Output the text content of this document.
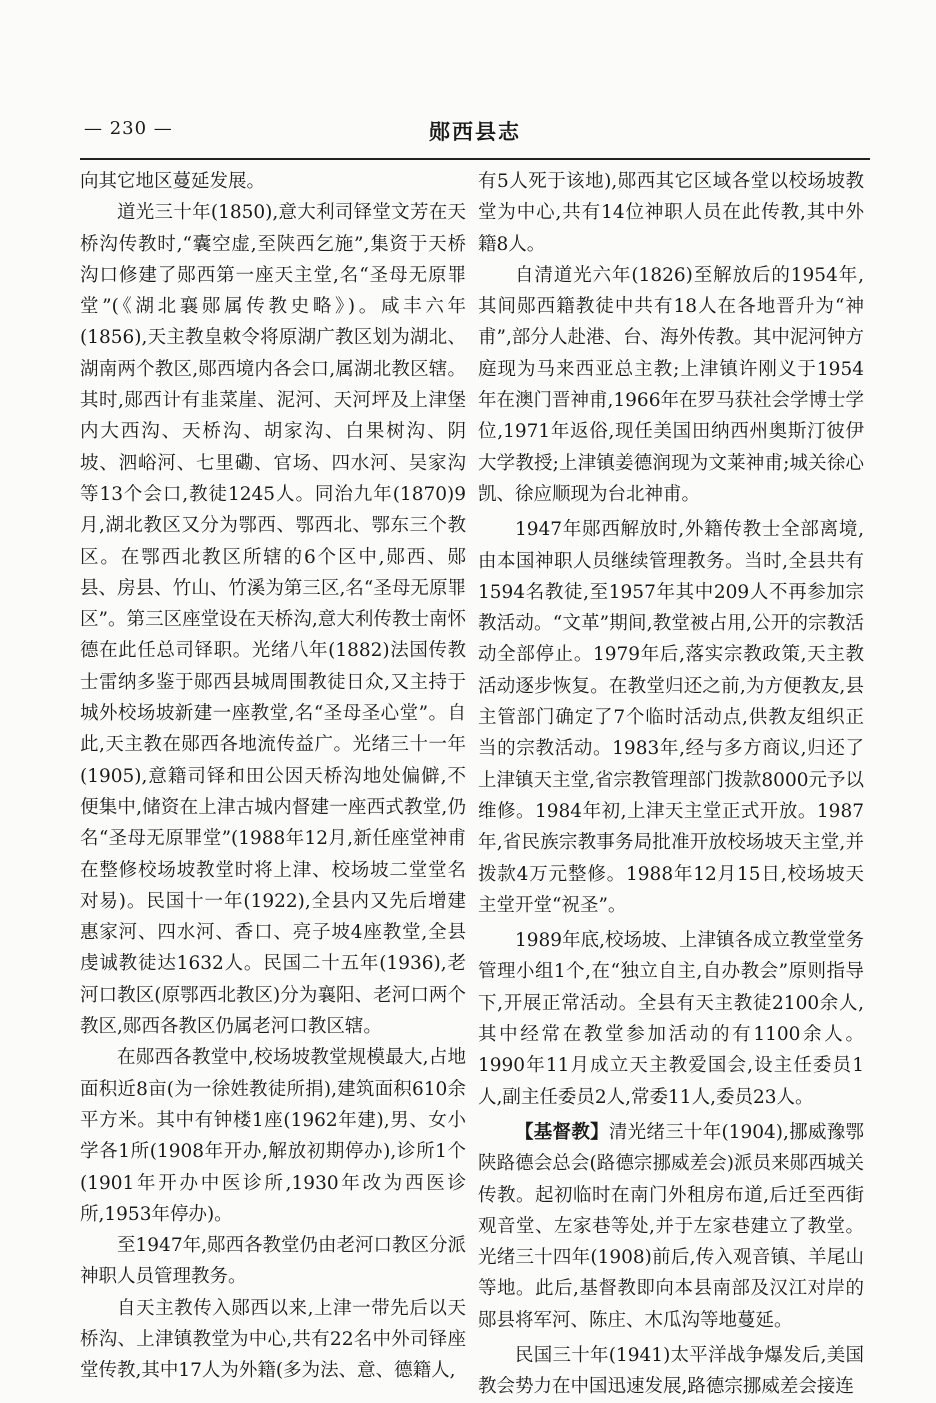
— 230 —	郧西县志

向其它地区蔓延发展。

道光三十年(1850),意大利司铎堂文芳在天桥沟传教时,“囊空虚,至陕西乞施”,集资于天桥沟口修建了郧西第一座天主堂,名“圣母无原罪堂”(《湖北襄郧属传教史略》)。咸丰六年(1856),天主教皇敕令将原湖广教区划为湖北、湖南两个教区,郧西境内各会口,属湖北教区辖。其时,郧西计有韭菜崖、泥河、天河坪及上津堡内大西沟、天桥沟、胡家沟、白果树沟、阴坡、泗峪河、七里磡、官场、四水河、吴家沟等13个会口,教徒1245人。同治九年(1870)9月,湖北教区又分为鄂西、鄂西北、鄂东三个教区。在鄂西北教区所辖的6个区中,郧西、郧县、房县、竹山、竹溪为第三区,名“圣母无原罪区”。第三区座堂设在天桥沟,意大利传教士南怀德在此任总司铎职。光绪八年(1882)法国传教士雷纳多鉴于郧西县城周围教徒日众,又主持于城外校场坡新建一座教堂,名“圣母圣心堂”。自此,天主教在郧西各地流传益广。光绪三十一年(1905),意籍司铎和田公因天桥沟地处偏僻,不便集中,储资在上津古城内督建一座西式教堂,仍名“圣母无原罪堂”(1988年12月,新任座堂神甫在整修校场坡教堂时将上津、校场坡二堂堂名对易)。民国十一年(1922),全县内又先后增建惠家河、四水河、香口、亮子坡4座教堂,全县虔诚教徒达1632人。民国二十五年(1936),老河口教区(原鄂西北教区)分为襄阳、老河口两个教区,郧西各教区仍属老河口教区辖。

在郧西各教堂中,校场坡教堂规模最大,占地面积近8亩(为一徐姓教徒所捐),建筑面积610余平方米。其中有钟楼1座(1962年建),男、女小学各1所(1908年开办,解放初期停办),诊所1个(1901年开办中医诊所,1930年改为西医诊所,1953年停办)。

至1947年,郧西各教堂仍由老河口教区分派神职人员管理教务。

自天主教传入郧西以来,上津一带先后以天桥沟、上津镇教堂为中心,共有22名中外司铎座堂传教,其中17人为外籍(多为法、意、德籍人,

有5人死于该地),郧西其它区域各堂以校场坡教堂为中心,共有14位神职人员在此传教,其中外籍8人。

自清道光六年(1826)至解放后的1954年,其间郧西籍教徒中共有18人在各地晋升为“神甫”,部分人赴港、台、海外传教。其中泥河钟方庭现为马来西亚总主教;上津镇许刚义于1954年在澳门晋神甫,1966年在罗马获社会学博士学位,1971年返俗,现任美国田纳西州奥斯汀彼伊大学教授;上津镇姜德润现为文莱神甫;城关徐心凯、徐应顺现为台北神甫。

1947年郧西解放时,外籍传教士全部离境,由本国神职人员继续管理教务。当时,全县共有1594名教徒,至1957年其中209人不再参加宗教活动。“文革”期间,教堂被占用,公开的宗教活动全部停止。1979年后,落实宗教政策,天主教活动逐步恢复。在教堂归还之前,为方便教友,县主管部门确定了7个临时活动点,供教友组织正当的宗教活动。1983年,经与多方商议,归还了上津镇天主堂,省宗教管理部门拨款8000元予以维修。1984年初,上津天主堂正式开放。1987年,省民族宗教事务局批准开放校场坡天主堂,并拨款4万元整修。1988年12月15日,校场坡天主堂开堂“祝圣”。

1989年底,校场坡、上津镇各成立教堂堂务管理小组1个,在“独立自主,自办教会”原则指导下,开展正常活动。全县有天主教徒2100余人,其中经常在教堂参加活动的有1100余人。1990年11月成立天主教爱国会,设主任委员1人,副主任委员2人,常委11人,委员23人。

【基督教】清光绪三十年(1904),挪威豫鄂陕路德会总会(路德宗挪威差会)派员来郧西城关传教。起初临时在南门外租房布道,后迁至西街观音堂、左家巷等处,并于左家巷建立了教堂。光绪三十四年(1908)前后,传入观音镇、羊尾山等地。此后,基督教即向本县南部及汉江对岸的郧县将军河、陈庄、木瓜沟等地蔓延。

民国三十年(1941)太平洋战争爆发后,美国教会势力在中国迅速发展,路德宗挪威差会接连
